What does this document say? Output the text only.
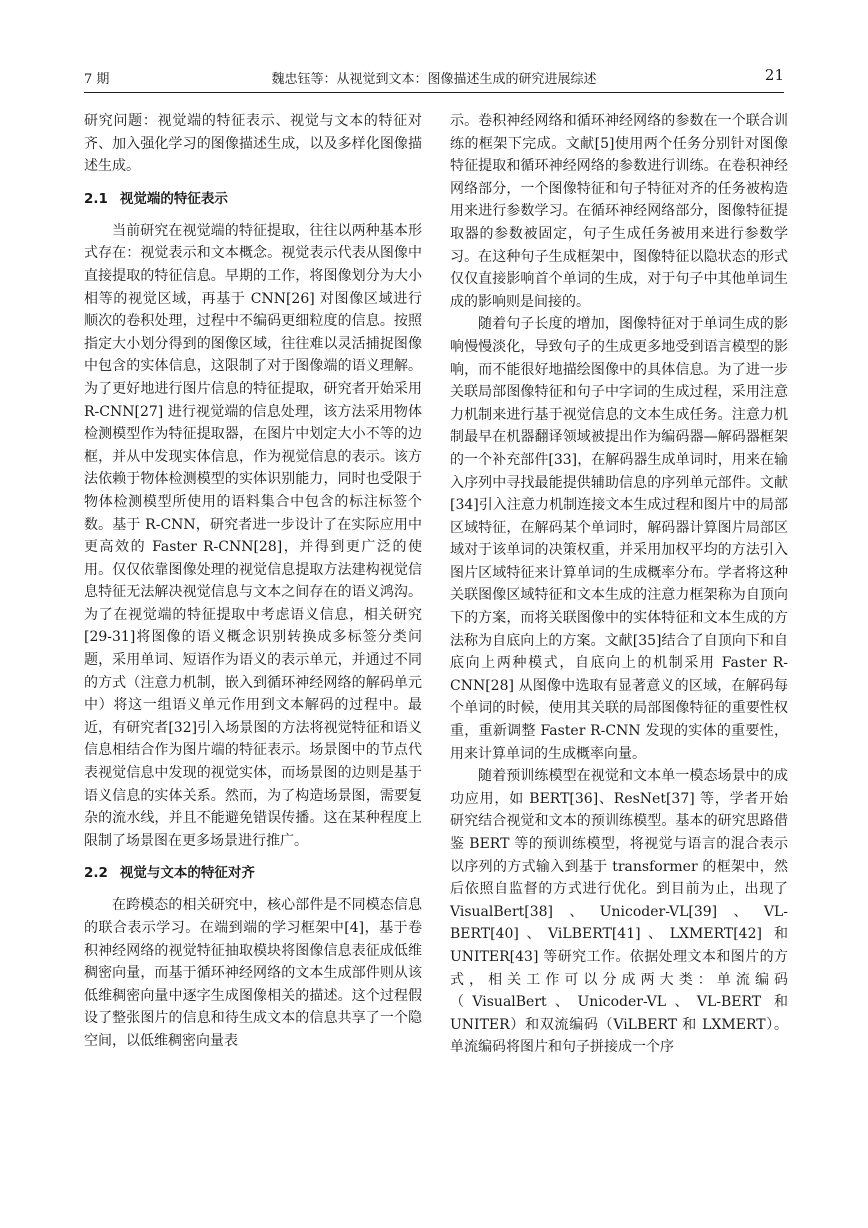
7 期	魏忠钰等：从视觉到文本：图像描述生成的研究进展综述	21

研究问题：视觉端的特征表示、视觉与文本的特征对齐、加入强化学习的图像描述生成，以及多样化图像描述生成。

2.1 视觉端的特征表示

当前研究在视觉端的特征提取，往往以两种基本形式存在：视觉表示和文本概念。视觉表示代表从图像中直接提取的特征信息。早期的工作，将图像划分为大小相等的视觉区域，再基于 CNN[26] 对图像区域进行顺次的卷积处理，过程中不编码更细粒度的信息。按照指定大小划分得到的图像区域，往往难以灵活捕捉图像中包含的实体信息，这限制了对于图像端的语义理解。为了更好地进行图片信息的特征提取，研究者开始采用 R-CNN[27] 进行视觉端的信息处理，该方法采用物体检测模型作为特征提取器，在图片中划定大小不等的边框，并从中发现实体信息，作为视觉信息的表示。该方法依赖于物体检测模型的实体识别能力，同时也受限于物体检测模型所使用的语料集合中包含的标注标签个数。基于 R-CNN，研究者进一步设计了在实际应用中更高效的 Faster R-CNN[28]，并得到更广泛的使用。仅仅依靠图像处理的视觉信息提取方法建构视觉信息特征无法解决视觉信息与文本之间存在的语义鸿沟。为了在视觉端的特征提取中考虑语义信息，相关研究[29-31]将图像的语义概念识别转换成多标签分类问题，采用单词、短语作为语义的表示单元，并通过不同的方式（注意力机制，嵌入到循环神经网络的解码单元中）将这一组语义单元作用到文本解码的过程中。最近，有研究者[32]引入场景图的方法将视觉特征和语义信息相结合作为图片端的特征表示。场景图中的节点代表视觉信息中发现的视觉实体，而场景图的边则是基于语义信息的实体关系。然而，为了构造场景图，需要复杂的流水线，并且不能避免错误传播。这在某种程度上限制了场景图在更多场景进行推广。

2.2 视觉与文本的特征对齐

在跨模态的相关研究中，核心部件是不同模态信息的联合表示学习。在端到端的学习框架中[4]，基于卷积神经网络的视觉特征抽取模块将图像信息表征成低维稠密向量，而基于循环神经网络的文本生成部件则从该低维稠密向量中逐字生成图像相关的描述。这个过程假设了整张图片的信息和待生成文本的信息共享了一个隐空间，以低维稠密向量表

示。卷积神经网络和循环神经网络的参数在一个联合训练的框架下完成。文献[5]使用两个任务分别针对图像特征提取和循环神经网络的参数进行训练。在卷积神经网络部分，一个图像特征和句子特征对齐的任务被构造用来进行参数学习。在循环神经网络部分，图像特征提取器的参数被固定，句子生成任务被用来进行参数学习。在这种句子生成框架中，图像特征以隐状态的形式仅仅直接影响首个单词的生成，对于句子中其他单词生成的影响则是间接的。

随着句子长度的增加，图像特征对于单词生成的影响慢慢淡化，导致句子的生成更多地受到语言模型的影响，而不能很好地描绘图像中的具体信息。为了进一步关联局部图像特征和句子中字词的生成过程，采用注意力机制来进行基于视觉信息的文本生成任务。注意力机制最早在机器翻译领域被提出作为编码器—解码器框架的一个补充部件[33]，在解码器生成单词时，用来在输入序列中寻找最能提供辅助信息的序列单元部件。文献[34]引入注意力机制连接文本生成过程和图片中的局部区域特征，在解码某个单词时，解码器计算图片局部区域对于该单词的决策权重，并采用加权平均的方法引入图片区域特征来计算单词的生成概率分布。学者将这种关联图像区域特征和文本生成的注意力框架称为自顶向下的方案，而将关联图像中的实体特征和文本生成的方法称为自底向上的方案。文献[35]结合了自顶向下和自底向上两种模式，自底向上的机制采用 Faster R-CNN[28] 从图像中选取有显著意义的区域，在解码每个单词的时候，使用其关联的局部图像特征的重要性权重，重新调整 Faster R-CNN 发现的实体的重要性，用来计算单词的生成概率向量。

随着预训练模型在视觉和文本单一模态场景中的成功应用，如 BERT[36]、ResNet[37] 等，学者开始研究结合视觉和文本的预训练模型。基本的研究思路借鉴 BERT 等的预训练模型，将视觉与语言的混合表示以序列的方式输入到基于 transformer 的框架中，然后依照自监督的方式进行优化。到目前为止，出现了 VisualBert[38]、Unicoder-VL[39]、VL-BERT[40]、ViLBERT[41]、LXMERT[42] 和 UNITER[43] 等研究工作。依据处理文本和图片的方式，相关工作可以分成两大类：单流编码（VisualBert、Unicoder-VL、VL-BERT 和 UNITER）和双流编码（ViLBERT 和 LXMERT）。单流编码将图片和句子拼接成一个序
